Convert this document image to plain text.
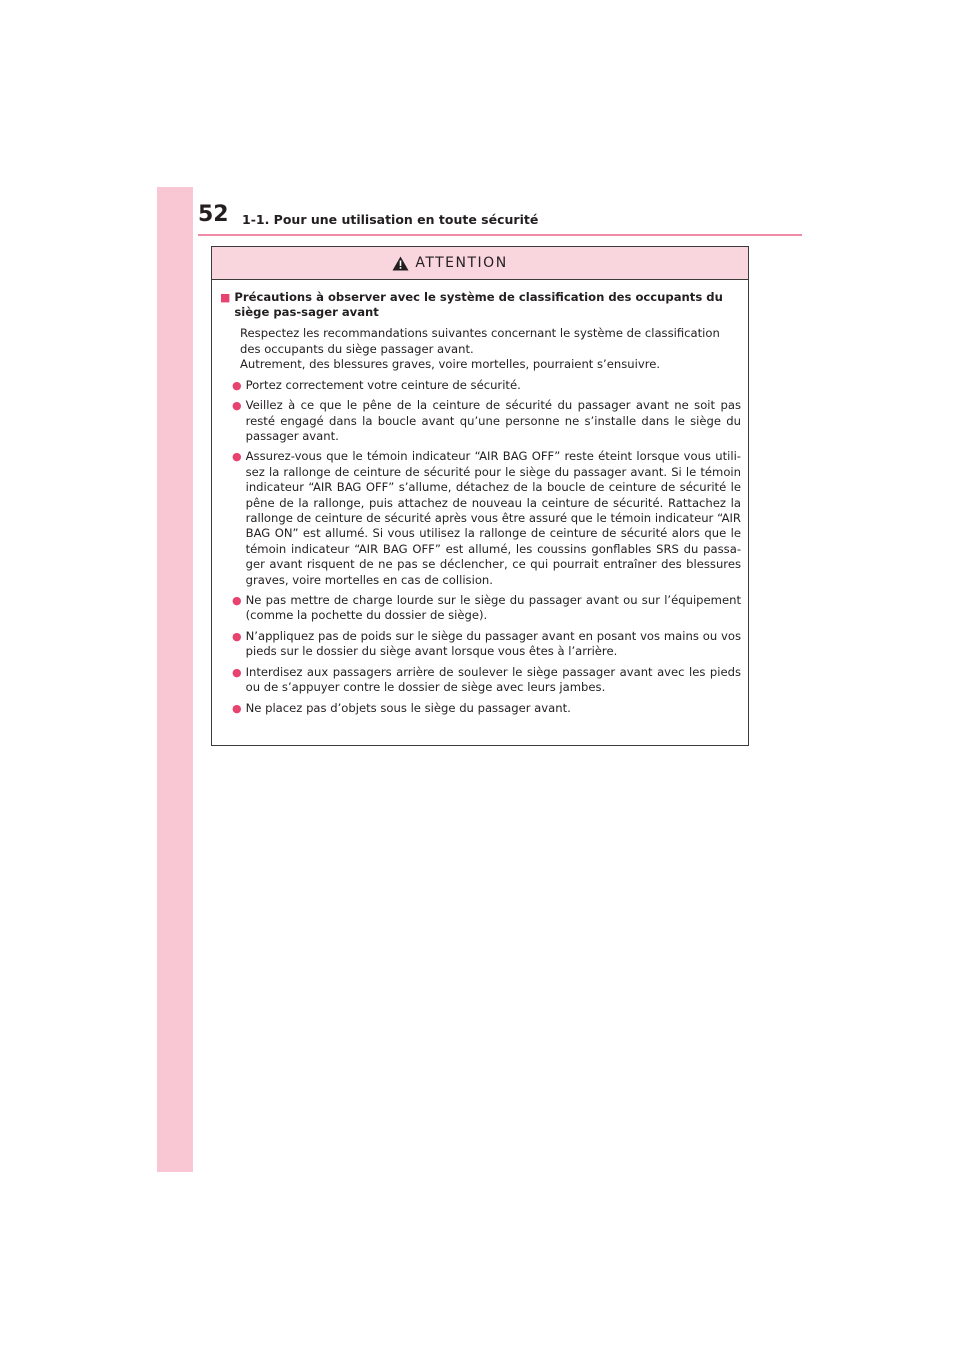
52 1-1. Pour une utilisation en toute sécurité
ATTENTION
■ Précautions à observer avec le système de classification des occupants du siège pas-sager avant
Respectez les recommandations suivantes concernant le système de classification des occupants du siège passager avant.
Autrement, des blessures graves, voire mortelles, pourraient s’ensuivre.
● Portez correctement votre ceinture de sécurité.
● Veillez à ce que le pêne de la ceinture de sécurité du passager avant ne soit pas resté engagé dans la boucle avant qu’une personne ne s’installe dans le siège du passager avant.
● Assurez-vous que le témoin indicateur “AIR BAG OFF” reste éteint lorsque vous utili-sez la rallonge de ceinture de sécurité pour le siège du passager avant. Si le témoin indicateur “AIR BAG OFF” s’allume, détachez de la boucle de ceinture de sécurité le pêne de la rallonge, puis attachez de nouveau la ceinture de sécurité. Rattachez la rallonge de ceinture de sécurité après vous être assuré que le témoin indicateur “AIR BAG ON” est allumé. Si vous utilisez la rallonge de ceinture de sécurité alors que le témoin indicateur “AIR BAG OFF” est allumé, les coussins gonflables SRS du passa-ger avant risquent de ne pas se déclencher, ce qui pourrait entraîner des blessures graves, voire mortelles en cas de collision.
● Ne pas mettre de charge lourde sur le siège du passager avant ou sur l’équipement (comme la pochette du dossier de siège).
● N’appliquez pas de poids sur le siège du passager avant en posant vos mains ou vos pieds sur le dossier du siège avant lorsque vous êtes à l’arrière.
● Interdisez aux passagers arrière de soulever le siège passager avant avec les pieds ou de s’appuyer contre le dossier de siège avec leurs jambes.
● Ne placez pas d’objets sous le siège du passager avant.
